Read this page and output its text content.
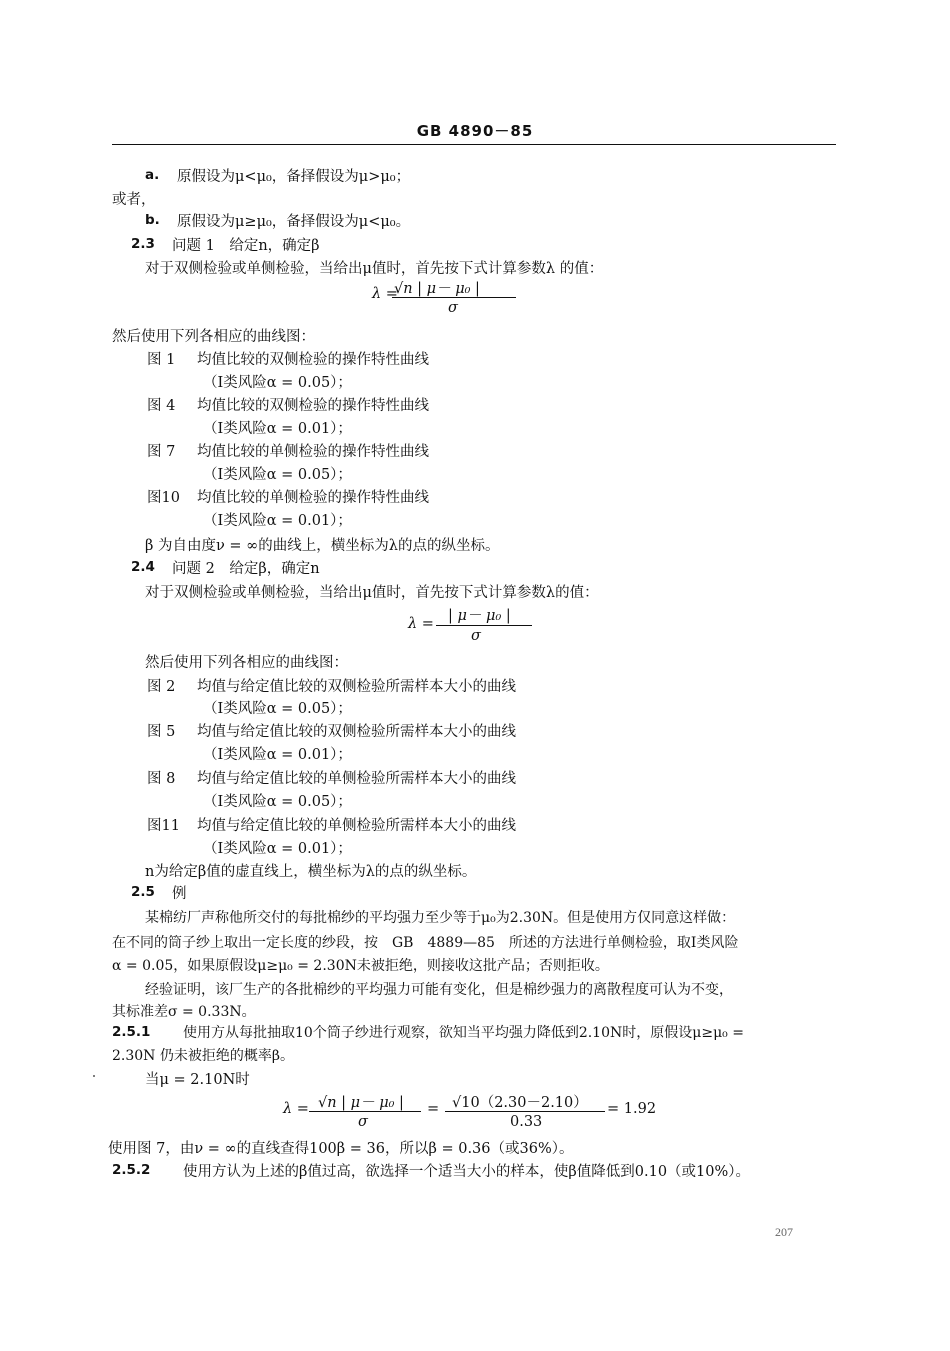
GB 4890－85
a. 原假设为μ<μ₀，备择假设为μ>μ₀；
或者，
b. 原假设为μ≥μ₀，备择假设为μ<μ₀。
2.3 问题 1　给定n，确定β
对于双侧检验或单侧检验，当给出μ值时，首先按下式计算参数λ 的值：
λ =
√n | μ－ μ₀ |
σ
然后使用下列各相应的曲线图：
图 1 均值比较的双侧检验的操作特性曲线
（Ⅰ类风险α = 0.05）；
图 4 均值比较的双侧检验的操作特性曲线
（Ⅰ类风险α = 0.01）；
图 7 均值比较的单侧检验的操作特性曲线
（Ⅰ类风险α = 0.05）；
图10 均值比较的单侧检验的操作特性曲线
（Ⅰ类风险α = 0.01）；
β 为自由度ν = ∞的曲线上，横坐标为λ的点的纵坐标。
2.4 问题 2　给定β，确定n
对于双侧检验或单侧检验，当给出μ值时，首先按下式计算参数λ的值：
λ = | μ－ μ₀ |
σ
然后使用下列各相应的曲线图：
图 2 均值与给定值比较的双侧检验所需样本大小的曲线
（Ⅰ类风险α = 0.05）；
图 5 均值与给定值比较的双侧检验所需样本大小的曲线
（Ⅰ类风险α = 0.01）；
图 8 均值与给定值比较的单侧检验所需样本大小的曲线
（Ⅰ类风险α = 0.05）；
图11 均值与给定值比较的单侧检验所需样本大小的曲线
（Ⅰ类风险α = 0.01）；
n为给定β值的虚直线上，横坐标为λ的点的纵坐标。
2.5 例
某棉纺厂声称他所交付的每批棉纱的平均强力至少等于μ₀为2.30N。但是使用方仅同意这样做：
在不同的筒子纱上取出一定长度的纱段，按　GB　4889—85　所述的方法进行单侧检验，取Ⅰ类风险
α = 0.05，如果原假设μ≥μ₀ = 2.30N未被拒绝，则接收这批产品；否则拒收。
经验证明，该厂生产的各批棉纱的平均强力可能有变化，但是棉纱强力的离散程度可认为不变，
其标准差σ = 0.33N。
2.5.1 使用方从每批抽取10个筒子纱进行观察，欲知当平均强力降低到2.10N时，原假设μ≥μ₀ =
2.30N 仍未被拒绝的概率β。
当μ = 2.10N时
λ = √n | μ－ μ₀ |
σ
= √10（2.30－2.10）
0.33
= 1.92
使用图 7，由ν = ∞的直线查得100β = 36，所以β = 0.36（或36%）。
2.5.2 使用方认为上述的β值过高，欲选择一个适当大小的样本，使β值降低到0.10（或10%）。
207
